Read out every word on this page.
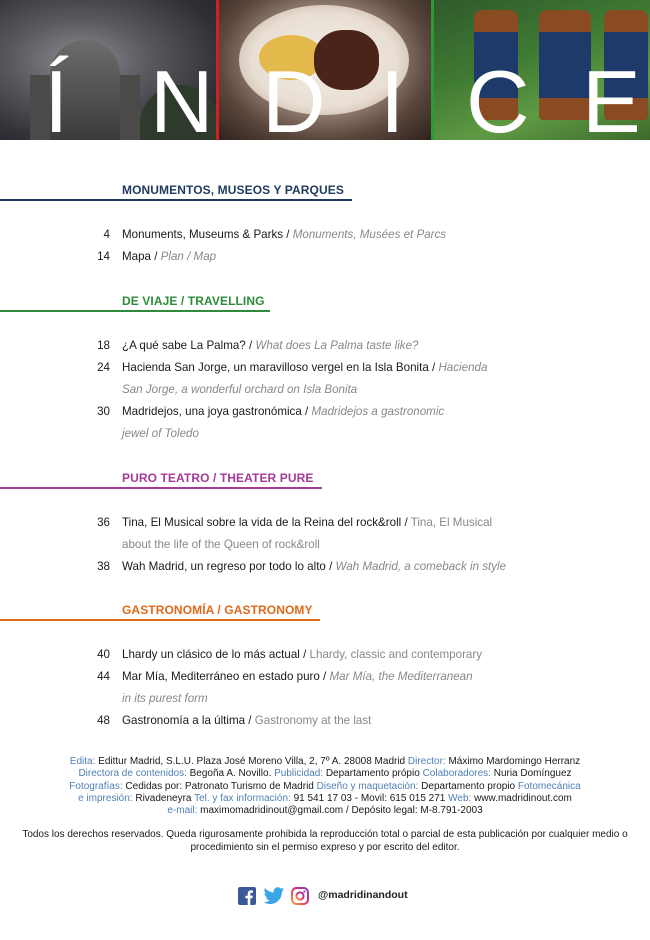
Í N D I C E
MONUMENTOS, MUSEOS Y PARQUES
4 Monuments, Museums & Parks / Monuments, Musées et Parcs
14 Mapa / Plan / Map
DE VIAJE / TRAVELLING
18 ¿A qué sabe La Palma? / What does La Palma taste like?
24 Hacienda San Jorge, un maravilloso vergel en la Isla Bonita / Hacienda
San Jorge, a wonderful orchard on Isla Bonita
30 Madridejos, una joya gastronómica / Madridejos a gastronomic
jewel of Toledo
PURO TEATRO / THEATER PURE
36 Tina, El Musical sobre la vida de la Reina del rock&roll / Tina, El Musical
about the life of the Queen of rock&roll
38 Wah Madrid, un regreso por todo lo alto / Wah Madrid, a comeback in style
GASTRONOMÍA / GASTRONOMY
40 Lhardy un clásico de lo más actual / Lhardy, classic and contemporary
44 Mar Mía, Mediterráneo en estado puro / Mar Mía, the Mediterranean
in its purest form
48 Gastronomía a la última / Gastronomy at the last
Edita: Edittur Madrid, S.L.U. Plaza José Moreno Villa, 2, 7º A. 28008 Madrid Director: Máximo Mardomingo Herranz
Directora de contenidos: Begoña A. Novillo. Publicidad: Departamento própio Colaboradores: Nuria Domínguez
Fotografías: Cedidas por: Patronato Turismo de Madrid Diseño y maquetación: Departamento propio Fotomecánica
e impresión: Rivadeneyra Tel. y fax información: 91 541 17 03 - Movil: 615 015 271 Web: www.madridinout.com
e-mail: maximomadridinout@gmail.com / Depósito legal: M-8.791-2003
Todos los derechos reservados. Queda rigurosamente prohibida la reproducción total o parcial de esta publicación por cualquier medio o procedimiento sin el permiso expreso y por escrito del editor.
@madridinandout
